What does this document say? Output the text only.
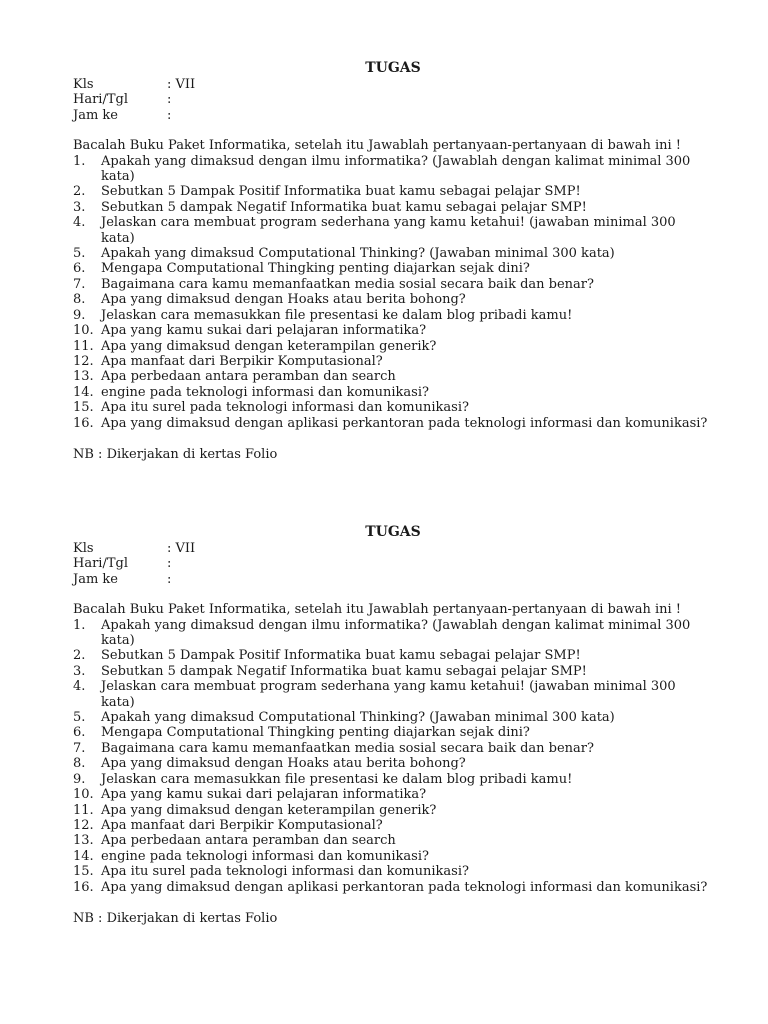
TUGAS
Kls	: VII
Hari/Tgl	:
Jam ke	:
Bacalah Buku Paket Informatika, setelah itu Jawablah pertanyaan-pertanyaan di bawah ini !
1.	Apakah yang dimaksud dengan ilmu informatika? (Jawablah dengan kalimat minimal 300 kata)
2.	Sebutkan 5 Dampak Positif Informatika buat kamu sebagai pelajar SMP!
3.	Sebutkan 5 dampak Negatif Informatika buat kamu sebagai pelajar SMP!
4.	Jelaskan cara membuat program sederhana yang kamu ketahui! (jawaban minimal 300 kata)
5.	Apakah yang dimaksud Computational Thinking? (Jawaban minimal 300 kata)
6.	Mengapa Computational Thingking penting diajarkan sejak dini?
7.	Bagaimana cara kamu memanfaatkan media sosial secara baik dan benar?
8.	Apa yang dimaksud dengan Hoaks atau berita bohong?
9.	Jelaskan cara memasukkan file presentasi ke dalam blog pribadi kamu!
10. Apa yang kamu sukai dari pelajaran informatika?
11. Apa yang dimaksud dengan keterampilan generik?
12. Apa manfaat dari Berpikir Komputasional?
13. Apa perbedaan antara peramban dan search
14. engine pada teknologi informasi dan komunikasi?
15. Apa itu surel pada teknologi informasi dan komunikasi?
16. Apa yang dimaksud dengan aplikasi perkantoran pada teknologi informasi dan komunikasi?
NB : Dikerjakan di kertas Folio
TUGAS
Kls	: VII
Hari/Tgl	:
Jam ke	:
Bacalah Buku Paket Informatika, setelah itu Jawablah pertanyaan-pertanyaan di bawah ini !
1.	Apakah yang dimaksud dengan ilmu informatika? (Jawablah dengan kalimat minimal 300 kata)
2.	Sebutkan 5 Dampak Positif Informatika buat kamu sebagai pelajar SMP!
3.	Sebutkan 5 dampak Negatif Informatika buat kamu sebagai pelajar SMP!
4.	Jelaskan cara membuat program sederhana yang kamu ketahui! (jawaban minimal 300 kata)
5.	Apakah yang dimaksud Computational Thinking? (Jawaban minimal 300 kata)
6.	Mengapa Computational Thingking penting diajarkan sejak dini?
7.	Bagaimana cara kamu memanfaatkan media sosial secara baik dan benar?
8.	Apa yang dimaksud dengan Hoaks atau berita bohong?
9.	Jelaskan cara memasukkan file presentasi ke dalam blog pribadi kamu!
10. Apa yang kamu sukai dari pelajaran informatika?
11. Apa yang dimaksud dengan keterampilan generik?
12. Apa manfaat dari Berpikir Komputasional?
13. Apa perbedaan antara peramban dan search
14. engine pada teknologi informasi dan komunikasi?
15. Apa itu surel pada teknologi informasi dan komunikasi?
16. Apa yang dimaksud dengan aplikasi perkantoran pada teknologi informasi dan komunikasi?
NB : Dikerjakan di kertas Folio
